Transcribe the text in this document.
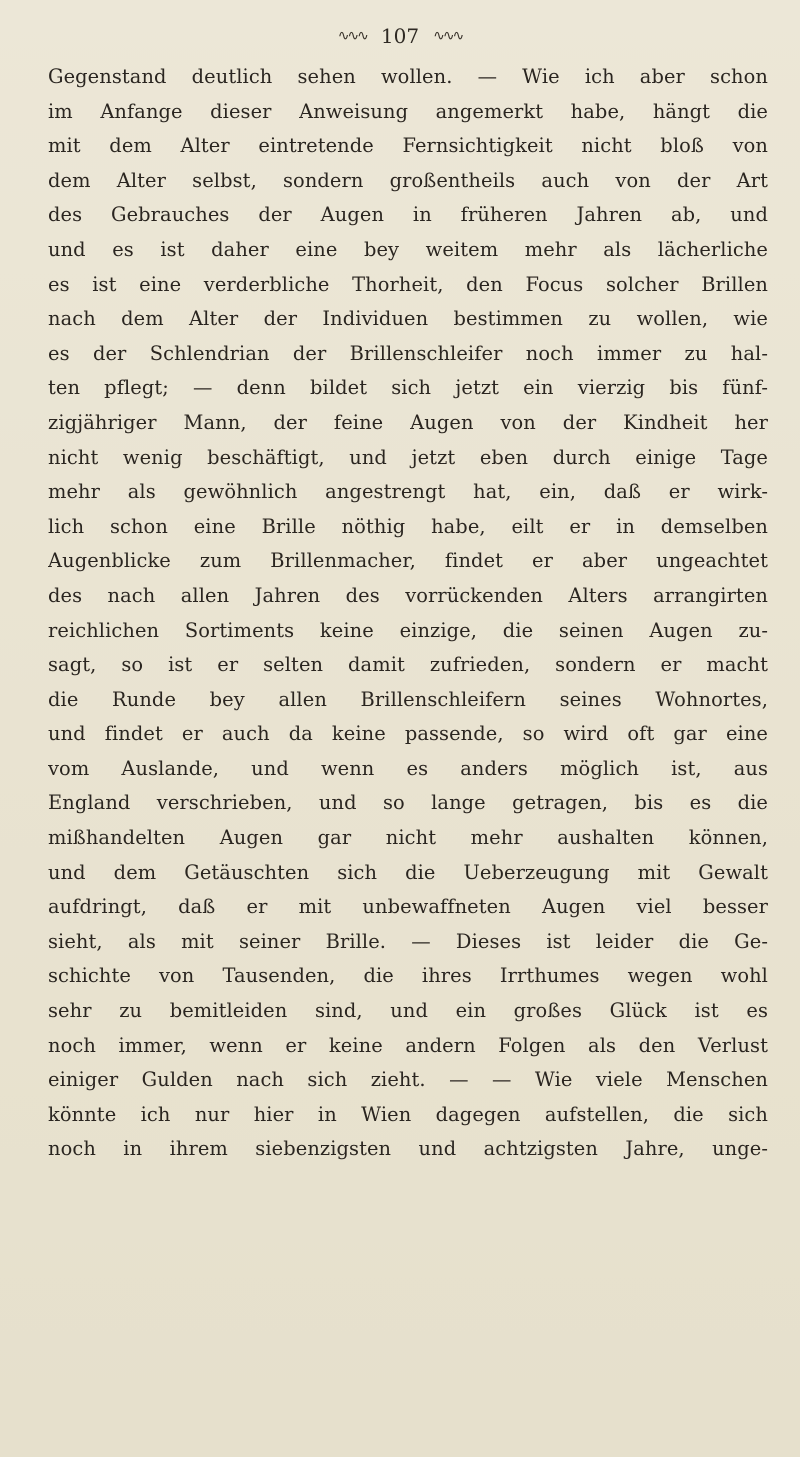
∿∿∿ 107 ∿∿∿
Gegenstand deutlich sehen wollen. — Wie ich aber schon
im Anfange dieser Anweisung angemerkt habe, hängt die
mit dem Alter eintretende Fernsichtigkeit nicht bloß von
dem Alter selbst, sondern großentheils auch von der Art
des Gebrauches der Augen in früheren Jahren ab, und
und es ist daher eine bey weitem mehr als lächerliche
es ist eine verderbliche Thorheit, den Focus solcher Brillen
nach dem Alter der Individuen bestimmen zu wollen, wie
es der Schlendrian der Brillenschleifer noch immer zu hal-
ten pflegt; — denn bildet sich jetzt ein vierzig bis fünf-
zigjähriger Mann, der feine Augen von der Kindheit her
nicht wenig beschäftigt, und jetzt eben durch einige Tage
mehr als gewöhnlich angestrengt hat, ein, daß er wirk-
lich schon eine Brille nöthig habe, eilt er in demselben
Augenblicke zum Brillenmacher, findet er aber ungeachtet
des nach allen Jahren des vorrückenden Alters arrangirten
reichlichen Sortiments keine einzige, die seinen Augen zu-
sagt, so ist er selten damit zufrieden, sondern er macht
die Runde bey allen Brillenschleifern seines Wohnortes,
und findet er auch da keine passende, so wird oft gar eine
vom Auslande, und wenn es anders möglich ist, aus
England verschrieben, und so lange getragen, bis es die
mißhandelten Augen gar nicht mehr aushalten können,
und dem Getäuschten sich die Ueberzeugung mit Gewalt
aufdringt, daß er mit unbewaffneten Augen viel besser
sieht, als mit seiner Brille. — Dieses ist leider die Ge-
schichte von Tausenden, die ihres Irrthumes wegen wohl
sehr zu bemitleiden sind, und ein großes Glück ist es
noch immer, wenn er keine andern Folgen als den Verlust
einiger Gulden nach sich zieht. — — Wie viele Menschen
könnte ich nur hier in Wien dagegen aufstellen, die sich
noch in ihrem siebenzigsten und achtzigsten Jahre, unge-
